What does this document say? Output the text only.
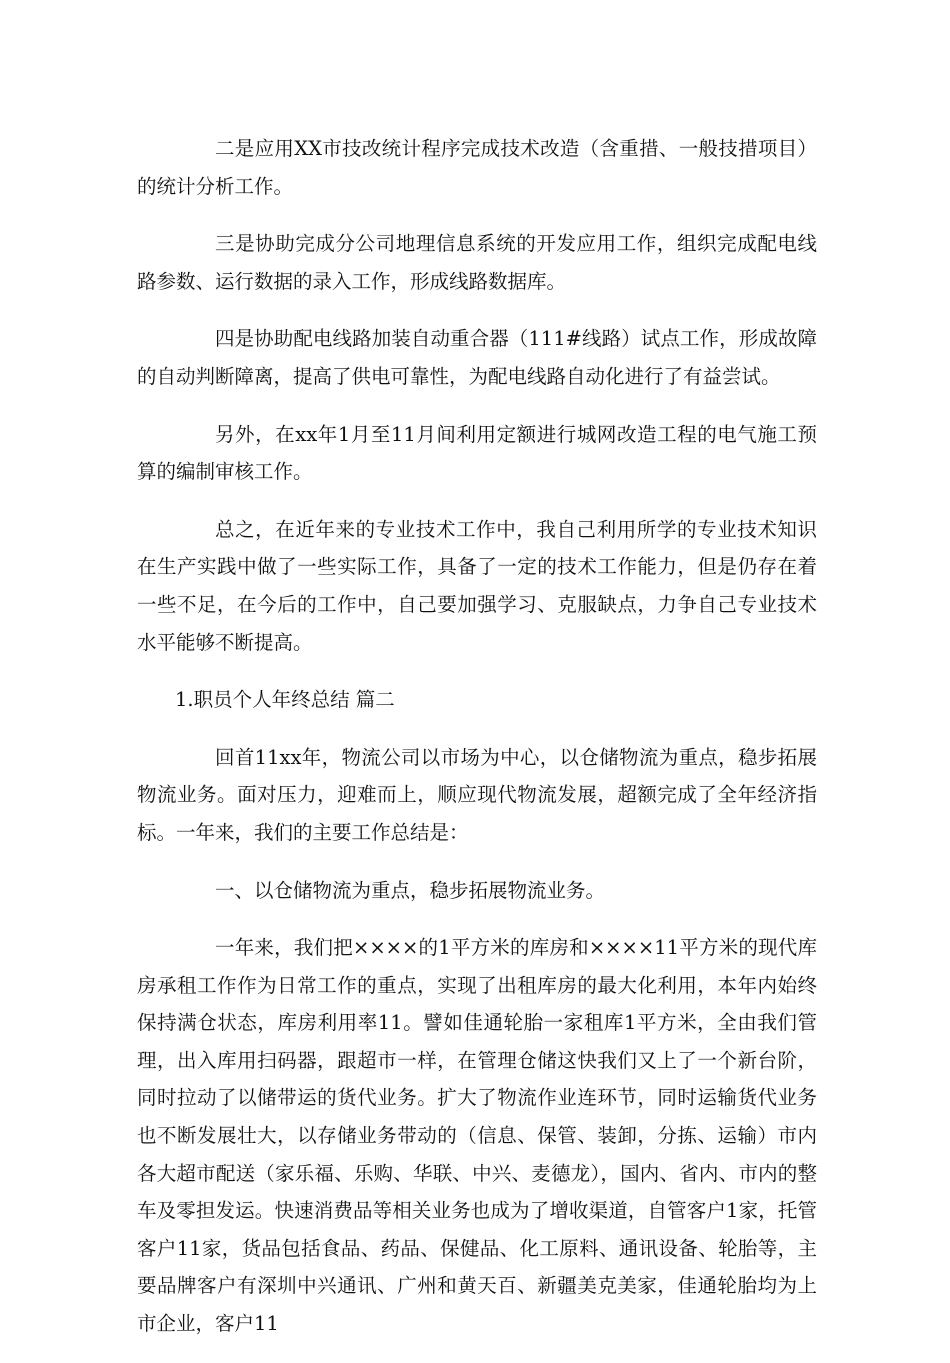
二是应用XX市技改统计程序完成技术改造（含重措、一般技措项目）的统计分析工作。

三是协助完成分公司地理信息系统的开发应用工作，组织完成配电线路参数、运行数据的录入工作，形成线路数据库。

四是协助配电线路加装自动重合器（111#线路）试点工作，形成故障的自动判断障离，提高了供电可靠性，为配电线路自动化进行了有益尝试。

另外，在xx年1月至11月间利用定额进行城网改造工程的电气施工预算的编制审核工作。

总之，在近年来的专业技术工作中，我自己利用所学的专业技术知识在生产实践中做了一些实际工作，具备了一定的技术工作能力，但是仍存在着一些不足，在今后的工作中，自己要加强学习、克服缺点，力争自己专业技术水平能够不断提高。

1.职员个人年终总结 篇二

回首11xx年，物流公司以市场为中心，以仓储物流为重点，稳步拓展物流业务。面对压力，迎难而上，顺应现代物流发展，超额完成了全年经济指标。一年来，我们的主要工作总结是：

一、以仓储物流为重点，稳步拓展物流业务。

一年来，我们把××××的1平方米的库房和××××11平方米的现代库房承租工作作为日常工作的重点，实现了出租库房的最大化利用，本年内始终保持满仓状态，库房利用率11。譬如佳通轮胎一家租库1平方米，全由我们管理，出入库用扫码器，跟超市一样，在管理仓储这快我们又上了一个新台阶，同时拉动了以储带运的货代业务。扩大了物流作业连环节，同时运输货代业务也不断发展壮大，以存储业务带动的（信息、保管、装卸，分拣、运输）市内各大超市配送（家乐福、乐购、华联、中兴、麦德龙），国内、省内、市内的整车及零担发运。快速消费品等相关业务也成为了增收渠道，自管客户1家，托管客户11家，货品包括食品、药品、保健品、化工原料、通讯设备、轮胎等，主要品牌客户有深圳中兴通讯、广州和黄天百、新疆美克美家，佳通轮胎均为上市企业，客户11
